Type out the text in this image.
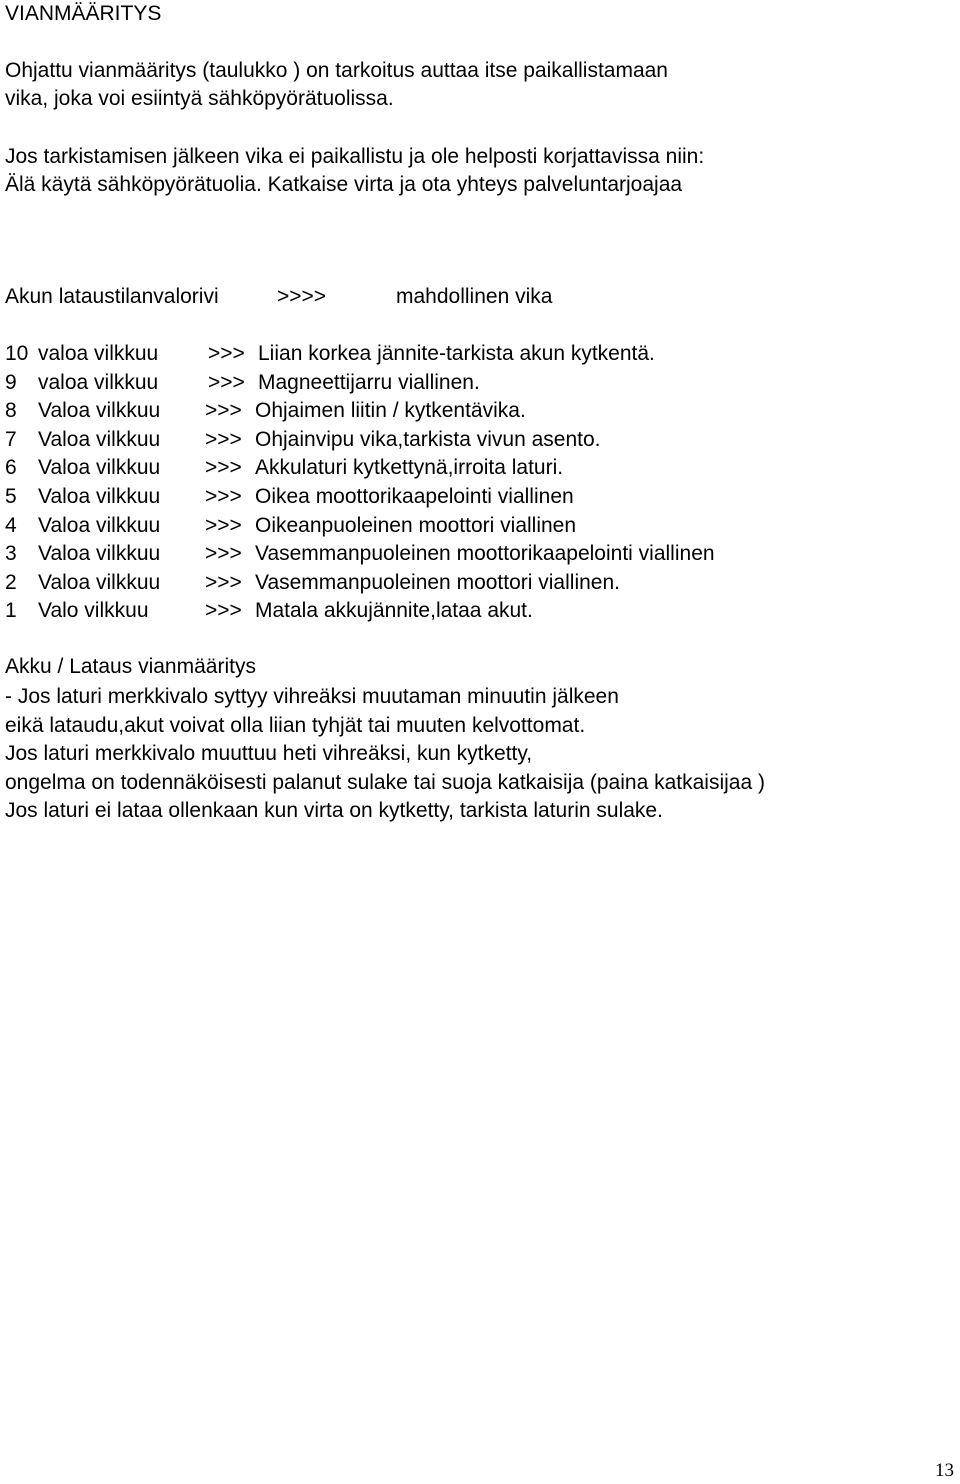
VIANMÄÄRITYS
Ohjattu vianmääritys (taulukko ) on tarkoitus auttaa itse paikallistamaan
vika, joka voi esiintyä sähköpyörätuolissa.
Jos tarkistamisen jälkeen vika ei paikallistu ja ole helposti korjattavissa niin:
Älä käytä sähköpyörätuolia. Katkaise virta ja ota yhteys palveluntarjoajaa
Akun lataustilanvalorivi	>>>>	mahdollinen vika
10 valoa vilkkuu >>> Liian korkea jännite-tarkista akun kytkentä.
9 valoa vilkkuu >>> Magneettijarru viallinen.
8 Valoa vilkkuu >>> Ohjaimen liitin / kytkentävika.
7 Valoa vilkkuu >>> Ohjainvipu vika,tarkista vivun asento.
6 Valoa vilkkuu >>> Akkulaturi kytkettynä,irroita laturi.
5 Valoa vilkkuu >>> Oikea moottorikaapelointi viallinen
4 Valoa vilkkuu >>> Oikeanpuoleinen moottori viallinen
3 Valoa vilkkuu >>> Vasemmanpuoleinen moottorikaapelointi viallinen
2 Valoa vilkkuu >>> Vasemmanpuoleinen moottori viallinen.
1 Valo vilkkuu	>>> Matala akkujännite,lataa akut.
Akku / Lataus vianmääritys
- Jos laturi merkkivalo syttyy vihreäksi muutaman minuutin jälkeen
eikä lataudu,akut voivat olla liian tyhjät tai muuten kelvottomat.
Jos laturi merkkivalo muuttuu heti vihreäksi, kun kytketty,
ongelma on todennäköisesti palanut sulake tai suoja katkaisija (paina katkaisijaa )
Jos laturi ei lataa ollenkaan kun virta on kytketty, tarkista laturin sulake.
13
